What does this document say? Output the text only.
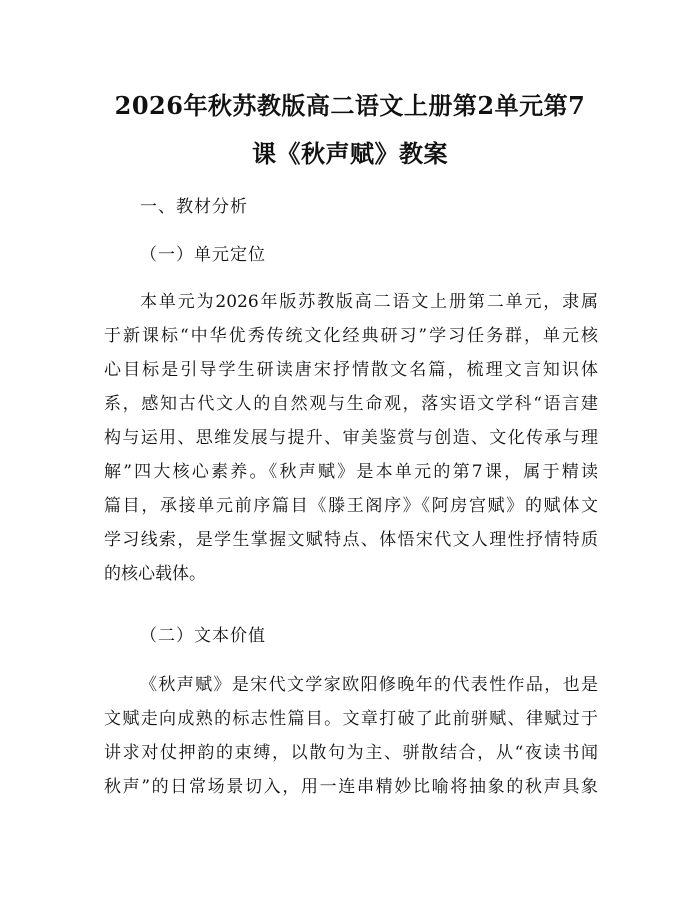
2026年秋苏教版高二语文上册第2单元第7
课《秋声赋》教案
一、教材分析
（一）单元定位
本单元为2026年版苏教版高二语文上册第二单元，隶属
于新课标“中华优秀传统文化经典研习”学习任务群，单元核
心目标是引导学生研读唐宋抒情散文名篇，梳理文言知识体
系，感知古代文人的自然观与生命观，落实语文学科“语言建
构与运用、思维发展与提升、审美鉴赏与创造、文化传承与理
解”四大核心素养。《秋声赋》是本单元的第7课，属于精读
篇目，承接单元前序篇目《滕王阁序》《阿房宫赋》的赋体文
学习线索，是学生掌握文赋特点、体悟宋代文人理性抒情特质
的核心载体。
（二）文本价值
《秋声赋》是宋代文学家欧阳修晚年的代表性作品，也是
文赋走向成熟的标志性篇目。文章打破了此前骈赋、律赋过于
讲求对仗押韵的束缚，以散句为主、骈散结合，从“夜读书闻
秋声”的日常场景切入，用一连串精妙比喻将抽象的秋声具象
